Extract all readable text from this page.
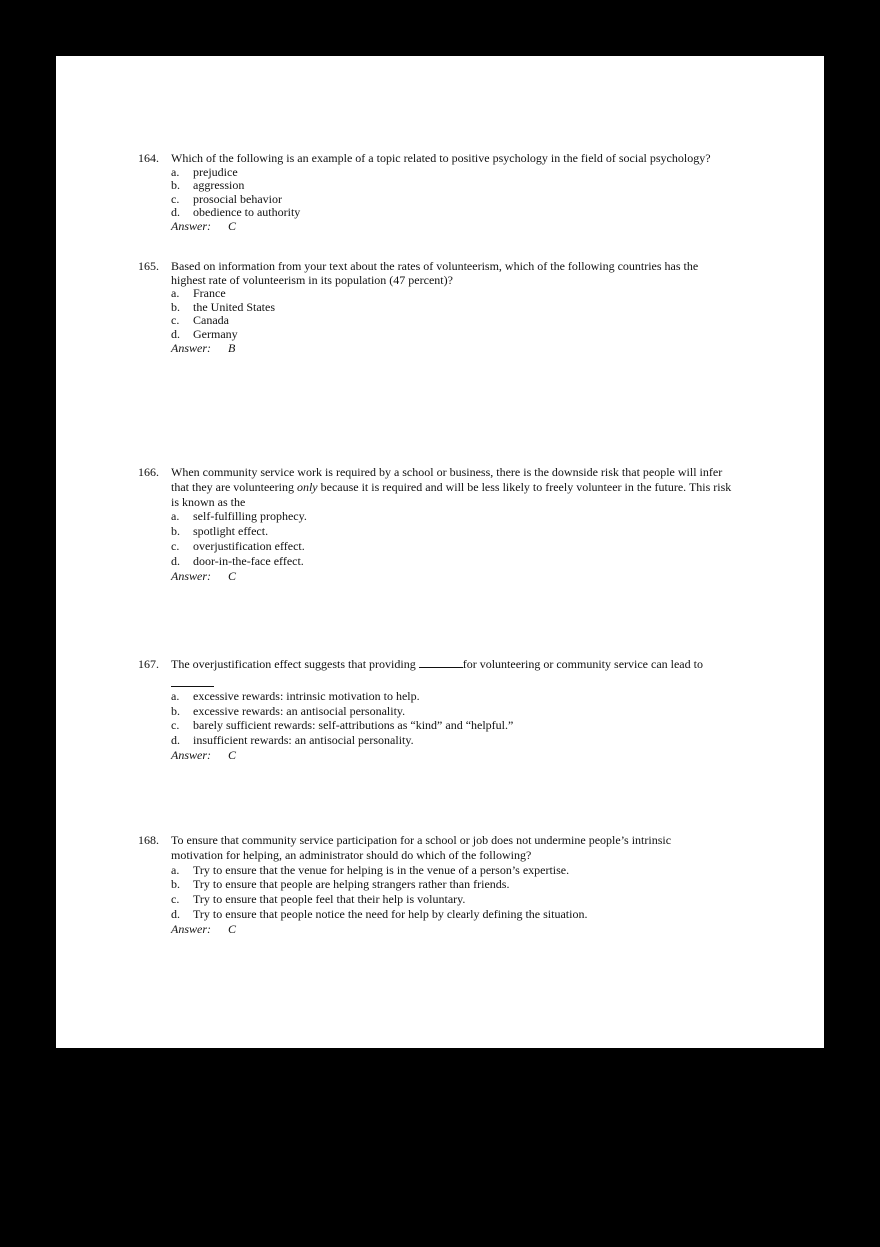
164.	Which of the following is an example of a topic related to positive psychology in the field of social psychology?
a.	prejudice
b.	aggression
c.	prosocial behavior
d.	obedience to authority
Answer:	C
165.	Based on information from your text about the rates of volunteerism, which of the following countries has the highest rate of volunteerism in its population (47 percent)?
a.	France
b.	the United States
c.	Canada
d.	Germany
Answer:	B
166.	When community service work is required by a school or business, there is the downside risk that people will infer that they are volunteering only because it is required and will be less likely to freely volunteer in the future. This risk is known as the
a.	self-fulfilling prophecy.
b.	spotlight effect.
c.	overjustification effect.
d.	door-in-the-face effect.
Answer:	C
167.	The overjustification effect suggests that providing	for volunteering or community service can lead to
a.	excessive rewards: intrinsic motivation to help.
b.	excessive rewards: an antisocial personality.
c.	barely sufficient rewards: self-attributions as “kind” and “helpful.”
d.	insufficient rewards: an antisocial personality.
Answer:	C
168.	To ensure that community service participation for a school or job does not undermine people’s intrinsic motivation for helping, an administrator should do which of the following?
a.	Try to ensure that the venue for helping is in the venue of a person’s expertise.
b.	Try to ensure that people are helping strangers rather than friends.
c.	Try to ensure that people feel that their help is voluntary.
d.	Try to ensure that people notice the need for help by clearly defining the situation.
Answer:	C
